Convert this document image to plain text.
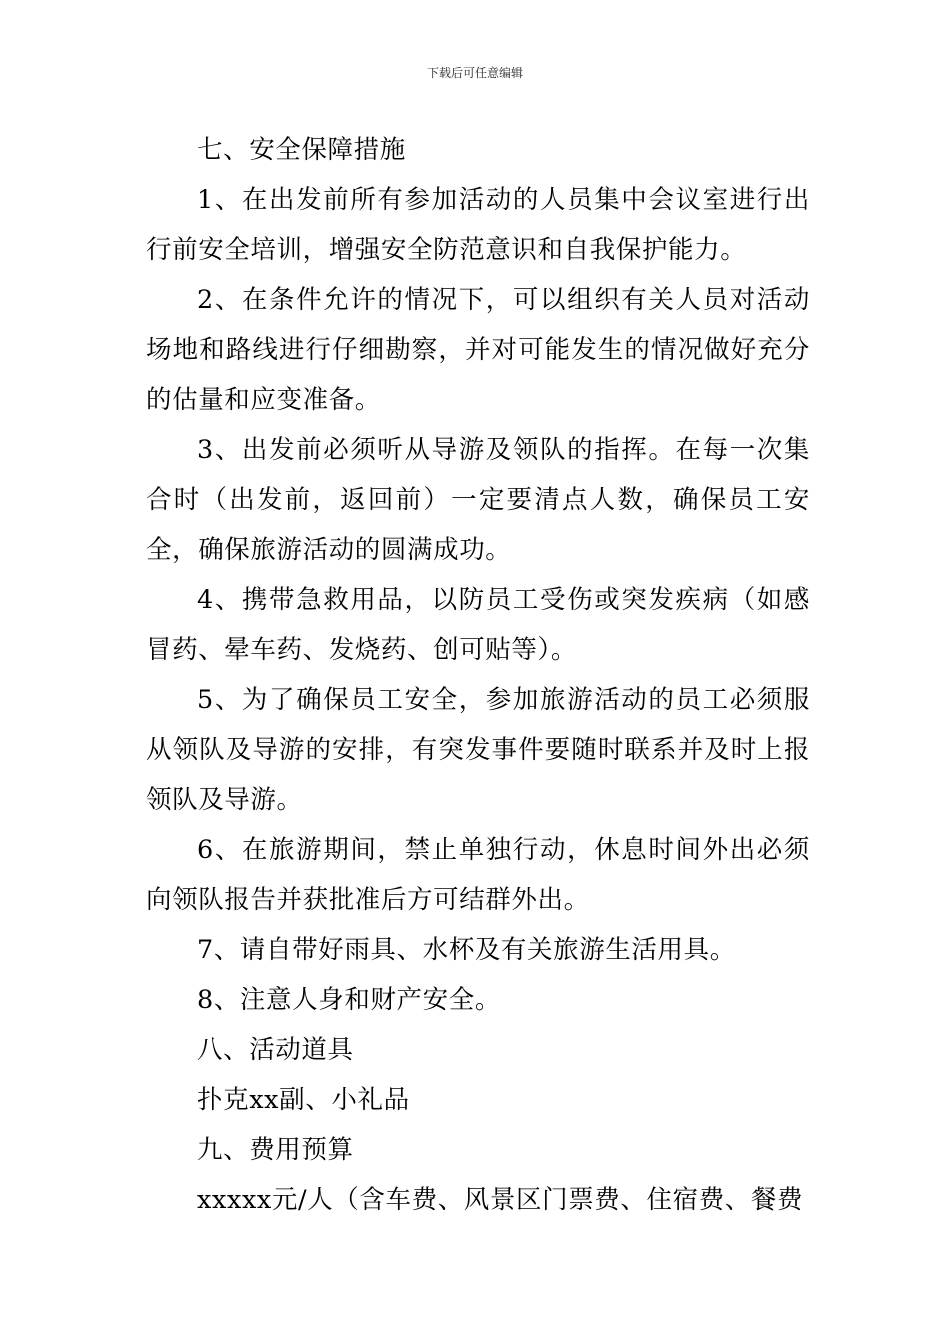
下载后可任意编辑

七、安全保障措施

1、在出发前所有参加活动的人员集中会议室进行出行前安全培训，增强安全防范意识和自我保护能力。

2、在条件允许的情况下，可以组织有关人员对活动场地和路线进行仔细勘察，并对可能发生的情况做好充分的估量和应变准备。

3、出发前必须听从导游及领队的指挥。在每一次集合时（出发前，返回前）一定要清点人数，确保员工安全，确保旅游活动的圆满成功。

4、携带急救用品，以防员工受伤或突发疾病（如感冒药、晕车药、发烧药、创可贴等）。

5、为了确保员工安全，参加旅游活动的员工必须服从领队及导游的安排，有突发事件要随时联系并及时上报领队及导游。

6、在旅游期间，禁止单独行动，休息时间外出必须向领队报告并获批准后方可结群外出。

7、请自带好雨具、水杯及有关旅游生活用具。

8、注意人身和财产安全。

八、活动道具

扑克xx副、小礼品

九、费用预算

xxxxx元/人（含车费、风景区门票费、住宿费、餐费
